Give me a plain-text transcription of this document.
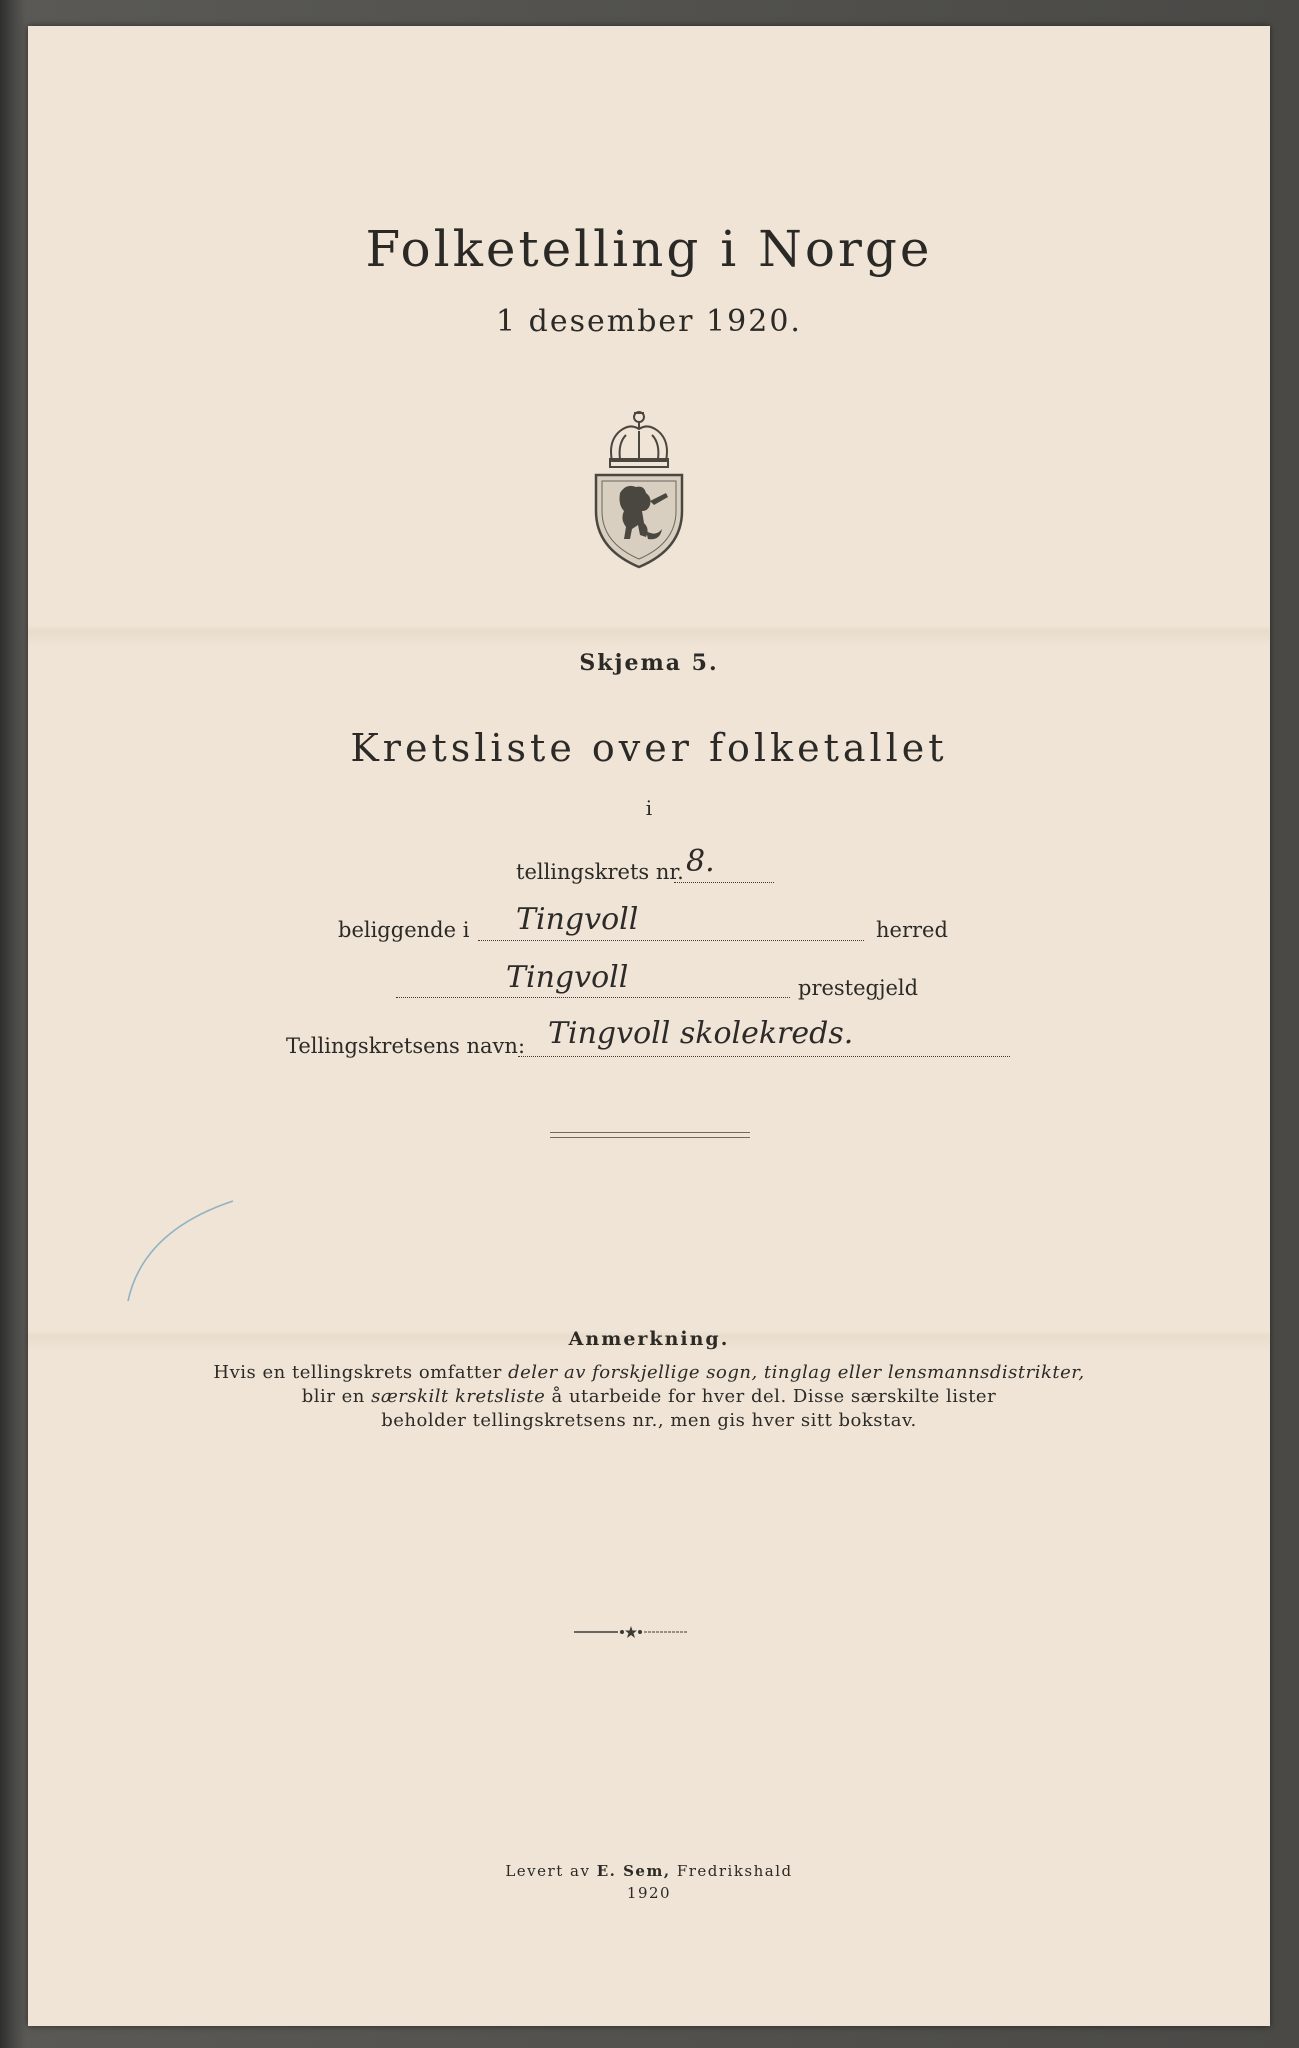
Folketelling i Norge
1 desember 1920.
Skjema 5.
Kretsliste over folketallet
i
tellingskrets nr. 8.
beliggende i Tingvoll	herred
Tingvoll	prestegjeld
Tellingskretsens navn: Tingvoll skolekreds.
Anmerkning.
Hvis en tellingskrets omfatter deler av forskjellige sogn, tinglag eller lensmannsdistrikter,
blir en særskilt kretsliste å utarbeide for hver del. Disse særskilte lister
beholder tellingskretsens nr., men gis hver sitt bokstav.
Levert av E. Sem, Fredrikshald
1920
